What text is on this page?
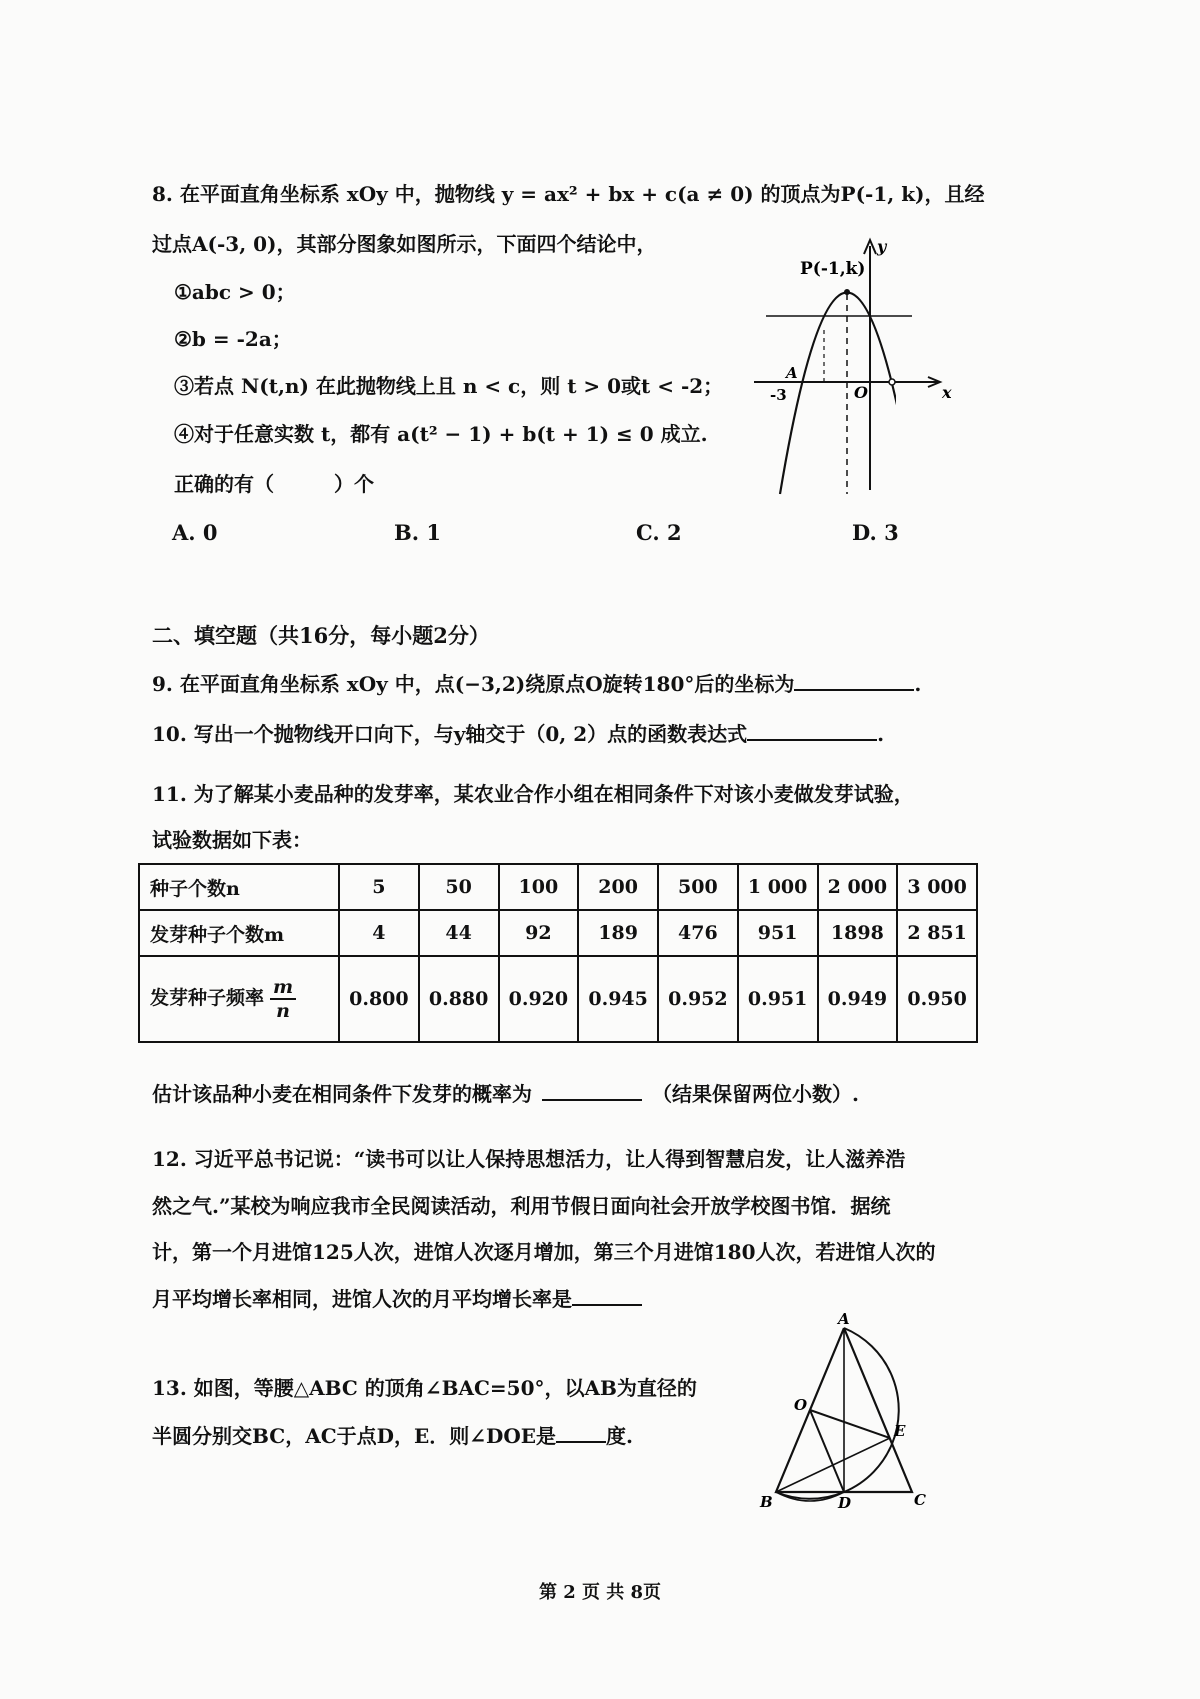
8. 在平面直角坐标系 xOy 中，抛物线 y = ax² + bx + c(a ≠ 0) 的顶点为P(-1, k)，且经
过点A(-3, 0)，其部分图象如图所示，下面四个结论中，
①abc > 0；
②b = -2a；
③若点 N(t,n) 在此抛物线上且 n < c，则 t > 0或t < -2；
④对于任意实数 t，都有 a(t² − 1) + b(t + 1) ≤ 0 成立.
正确的有（　　　）个
A. 0	B. 1	C. 2	D. 3
P(-1,k)
y
x
A
-3	O
二、填空题（共16分，每小题2分）
9. 在平面直角坐标系 xOy 中，点(−3,2)绕原点O旋转180°后的坐标为	.
10. 写出一个抛物线开口向下，与y轴交于（0, 2）点的函数表达式	.
11. 为了解某小麦品种的发芽率，某农业合作小组在相同条件下对该小麦做发芽试验，
试验数据如下表：
种子个数n	5	50	100	200	500	1 000	2 000	3 000
发芽种子个数m	4	44	92	189	476	951	1898	2 851
发芽种子频率 $\frac{m}{n}$	0.800	0.880	0.920	0.945	0.952	0.951	0.949	0.950
估计该品种小麦在相同条件下发芽的概率为	（结果保留两位小数）.
12. 习近平总书记说：“读书可以让人保持思想活力，让人得到智慧启发，让人滋养浩
然之气.”某校为响应我市全民阅读活动，利用节假日面向社会开放学校图书馆．据统
计，第一个月进馆125人次，进馆人次逐月增加，第三个月进馆180人次，若进馆人次的
月平均增长率相同，进馆人次的月平均增长率是
13. 如图，等腰△ABC 的顶角∠BAC=50°，以AB为直径的
半圆分别交BC，AC于点D，E．则∠DOE是	度.
A
B	C
D
E
O
第 2 页 共 8页
